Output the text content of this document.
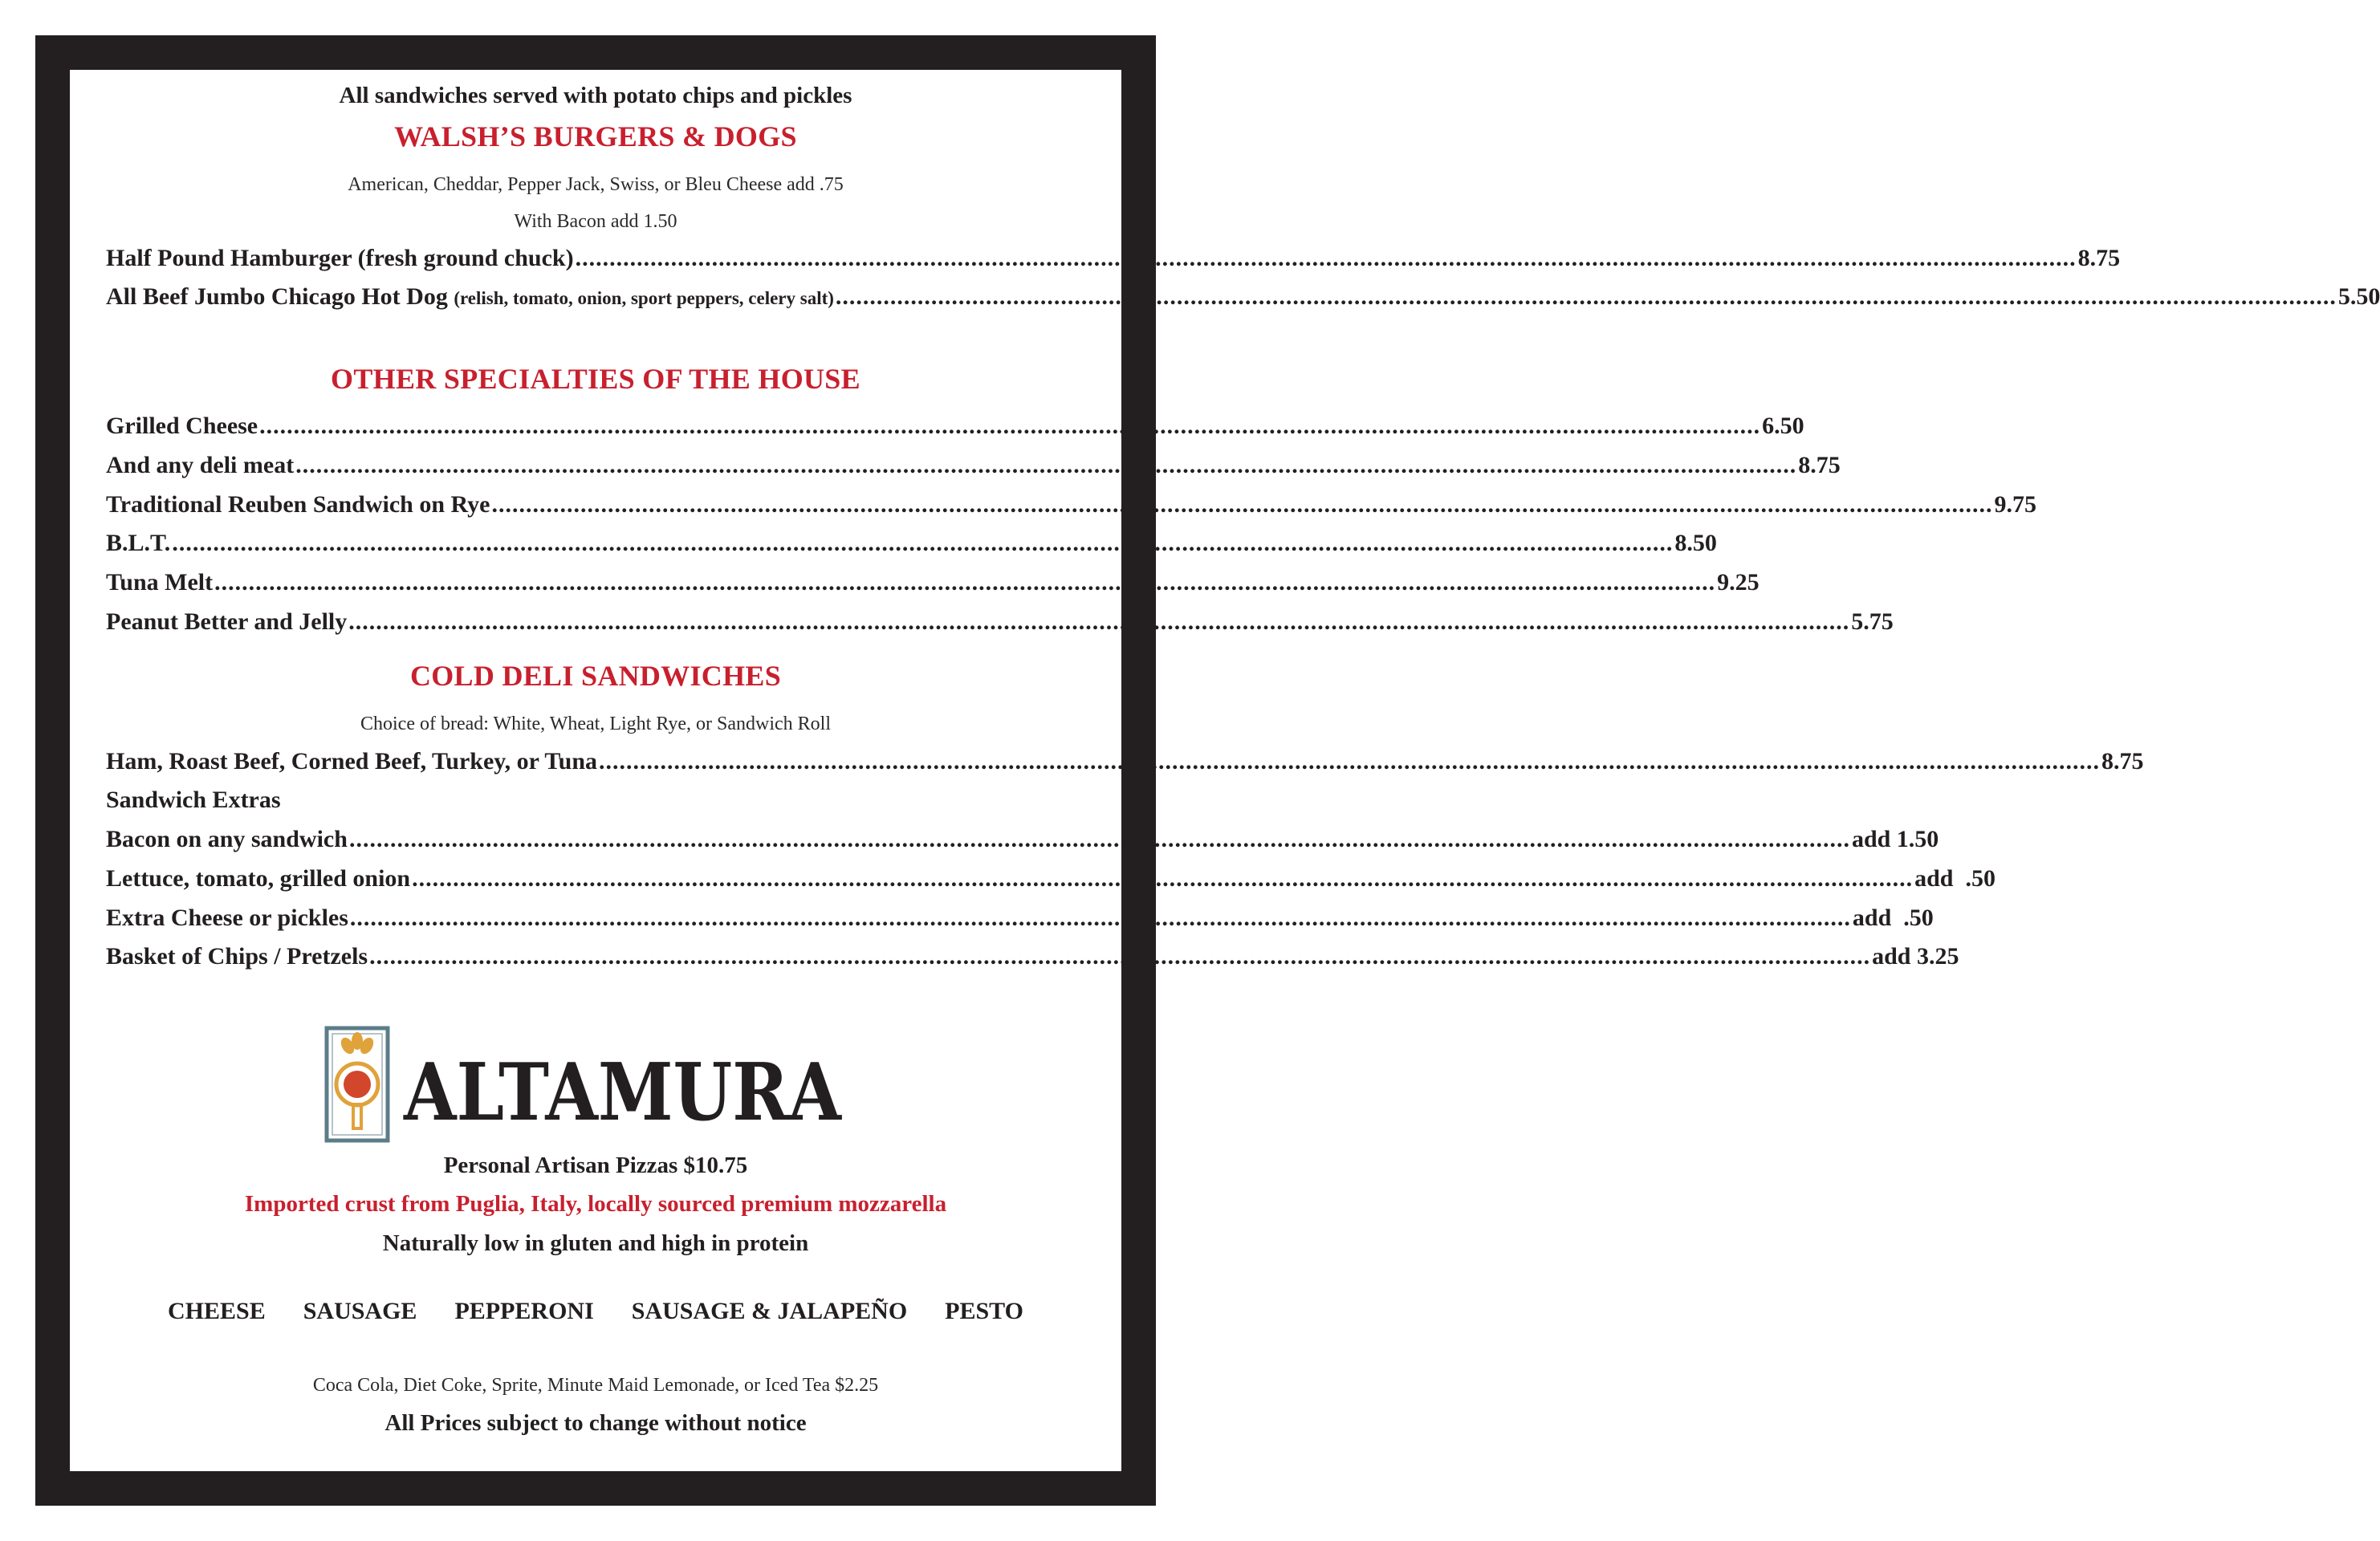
All sandwiches served with potato chips and pickles
WALSH’S BURGERS & DOGS
American, Cheddar, Pepper Jack, Swiss, or Bleu Cheese add .75
With Bacon add 1.50
Half Pound Hamburger (fresh ground chuck) ............................................................................................................................................................................................................................ 8.75
All Beef Jumbo Chicago Hot Dog (relish, tomato, onion, sport peppers, celery salt) ............................................................................................................................................................................................................................ 5.50
OTHER SPECIALTIES OF THE HOUSE
Grilled Cheese ............................................................................................................................................................................................................................ 6.50
And any deli meat ............................................................................................................................................................................................................................ 8.75
Traditional Reuben Sandwich on Rye ............................................................................................................................................................................................................................ 9.75
B.L.T. ............................................................................................................................................................................................................................ 8.50
Tuna Melt ............................................................................................................................................................................................................................ 9.25
Peanut Better and Jelly ............................................................................................................................................................................................................................ 5.75
COLD DELI SANDWICHES
Choice of bread: White, Wheat, Light Rye, or Sandwich Roll
Ham, Roast Beef, Corned Beef, Turkey, or Tuna ............................................................................................................................................................................................................................ 8.75
Sandwich Extras
Bacon on any sandwich ............................................................................................................................................................................................................................ add 1.50
Lettuce, tomato, grilled onion ............................................................................................................................................................................................................................ add  .50
Extra Cheese or pickles ............................................................................................................................................................................................................................ add  .50
Basket of Chips / Pretzels ............................................................................................................................................................................................................................ add 3.25
ALTAMURA
Personal Artisan Pizzas $10.75
Imported crust from Puglia, Italy, locally sourced premium mozzarella
Naturally low in gluten and high in protein
CHEESE SAUSAGE PEPPERONI SAUSAGE & JALAPEÑO PESTO
Coca Cola, Diet Coke, Sprite, Minute Maid Lemonade, or Iced Tea $2.25
All Prices subject to change without notice
